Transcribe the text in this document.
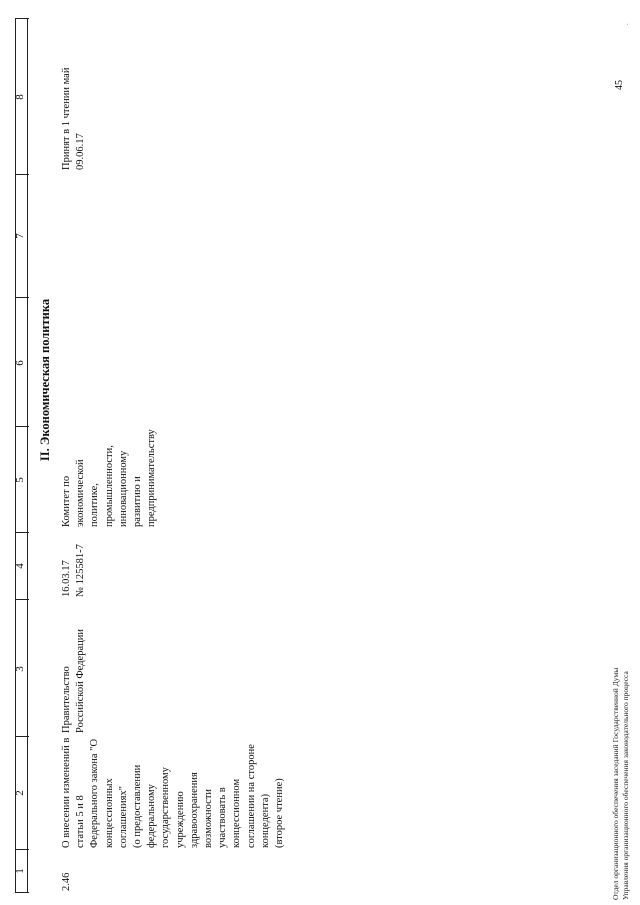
1
2
3
4
5
6
7
8
II. Экономическая политика
2.46
О внесении изменений в статьи 5 и 8 Федерального закона "О концессионных соглашениях" (о предоставлении федеральному государственному учреждению здравоохранения возможности участвовать в концессионном соглашении на стороне концедента) (второе чтение)
Правительство Российской Федерации
16.03.17 № 125581-7
Комитет по экономической политике, промышленности, инновационному развитию и предпринимательству
Принят в 1 чтении май 09.06.17
Отдел организационного обеспечения заседаний Государственной Думы Управления организационного обеспечения законодательного процесса
45
.
